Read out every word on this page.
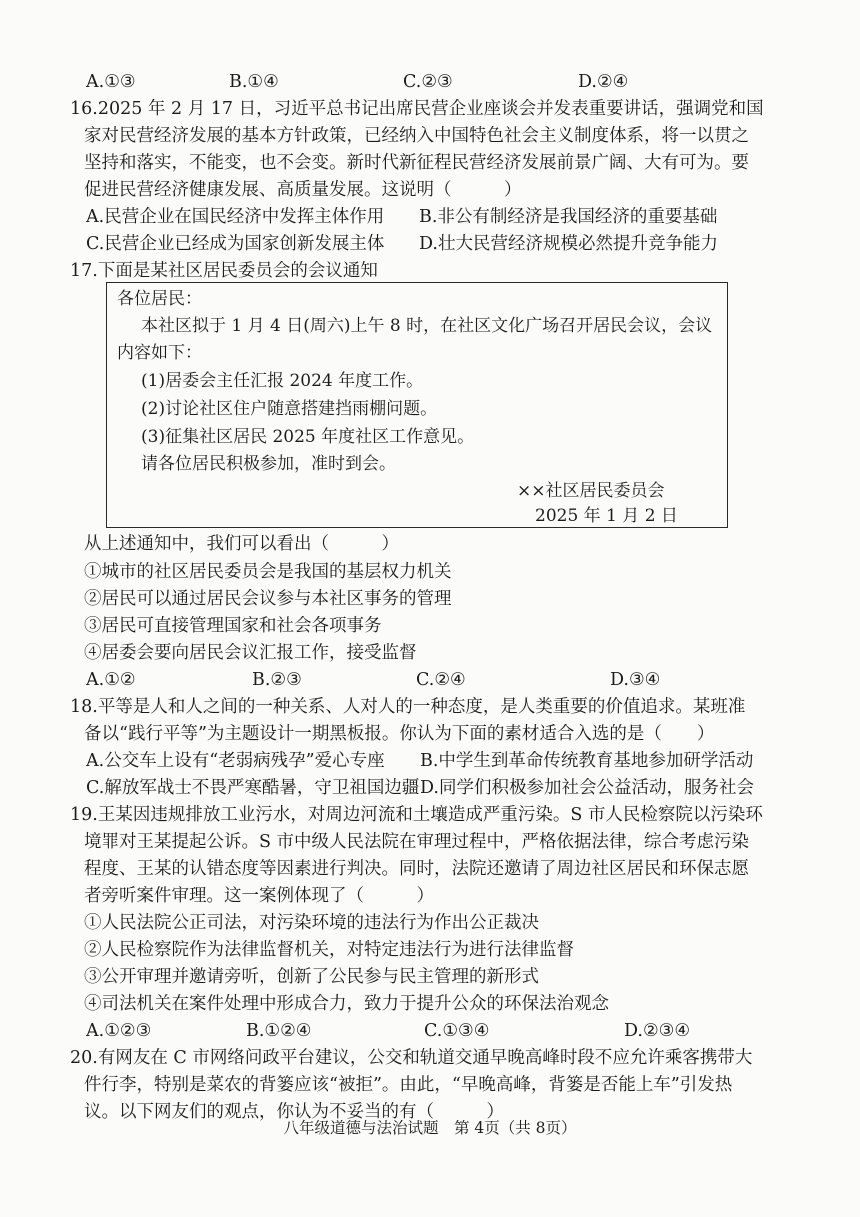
A.①③	B.①④	C.②③	D.②④
16.2025 年 2 月 17 日，习近平总书记出席民营企业座谈会并发表重要讲话，强调党和国
家对民营经济发展的基本方针政策，已经纳入中国特色社会主义制度体系，将一以贯之
坚持和落实，不能变，也不会变。新时代新征程民营经济发展前景广阔、大有可为。要
促进民营经济健康发展、高质量发展。这说明（　　　）
A.民营企业在国民经济中发挥主体作用 B.非公有制经济是我国经济的重要基础
C.民营企业已经成为国家创新发展主体 D.壮大民营经济规模必然提升竞争能力
17.下面是某社区居民委员会的会议通知
各位居民：
本社区拟于 1 月 4 日(周六)上午 8 时，在社区文化广场召开居民会议，会议
内容如下：
(1)居委会主任汇报 2024 年度工作。
(2)讨论社区住户随意搭建挡雨棚问题。
(3)征集社区居民 2025 年度社区工作意见。
请各位居民积极参加，准时到会。
××社区居民委员会
2025 年 1 月 2 日
从上述通知中，我们可以看出（　　　）
①城市的社区居民委员会是我国的基层权力机关
②居民可以通过居民会议参与本社区事务的管理
③居民可直接管理国家和社会各项事务
④居委会要向居民会议汇报工作，接受监督
A.①②	B.②③	C.②④	D.③④
18.平等是人和人之间的一种关系、人对人的一种态度，是人类重要的价值追求。某班准
备以“践行平等”为主题设计一期黑板报。你认为下面的素材适合入选的是（　　）
A.公交车上设有“老弱病残孕”爱心专座 B.中学生到革命传统教育基地参加研学活动
C.解放军战士不畏严寒酷暑，守卫祖国边疆 D.同学们积极参加社会公益活动，服务社会
19.王某因违规排放工业污水，对周边河流和土壤造成严重污染。S 市人民检察院以污染环
境罪对王某提起公诉。S 市中级人民法院在审理过程中，严格依据法律，综合考虑污染
程度、王某的认错态度等因素进行判决。同时，法院还邀请了周边社区居民和环保志愿
者旁听案件审理。这一案例体现了（　　　）
①人民法院公正司法，对污染环境的违法行为作出公正裁决
②人民检察院作为法律监督机关，对特定违法行为进行法律监督
③公开审理并邀请旁听，创新了公民参与民主管理的新形式
④司法机关在案件处理中形成合力，致力于提升公众的环保法治观念
A.①②③	B.①②④	C.①③④	D.②③④
20.有网友在 C 市网络问政平台建议，公交和轨道交通早晚高峰时段不应允许乘客携带大
件行李，特别是菜农的背篓应该“被拒”。由此，“早晚高峰，背篓是否能上车”引发热
议。以下网友们的观点，你认为不妥当的有（　　　）
八年级道德与法治试题　第 4页（共 8页）
